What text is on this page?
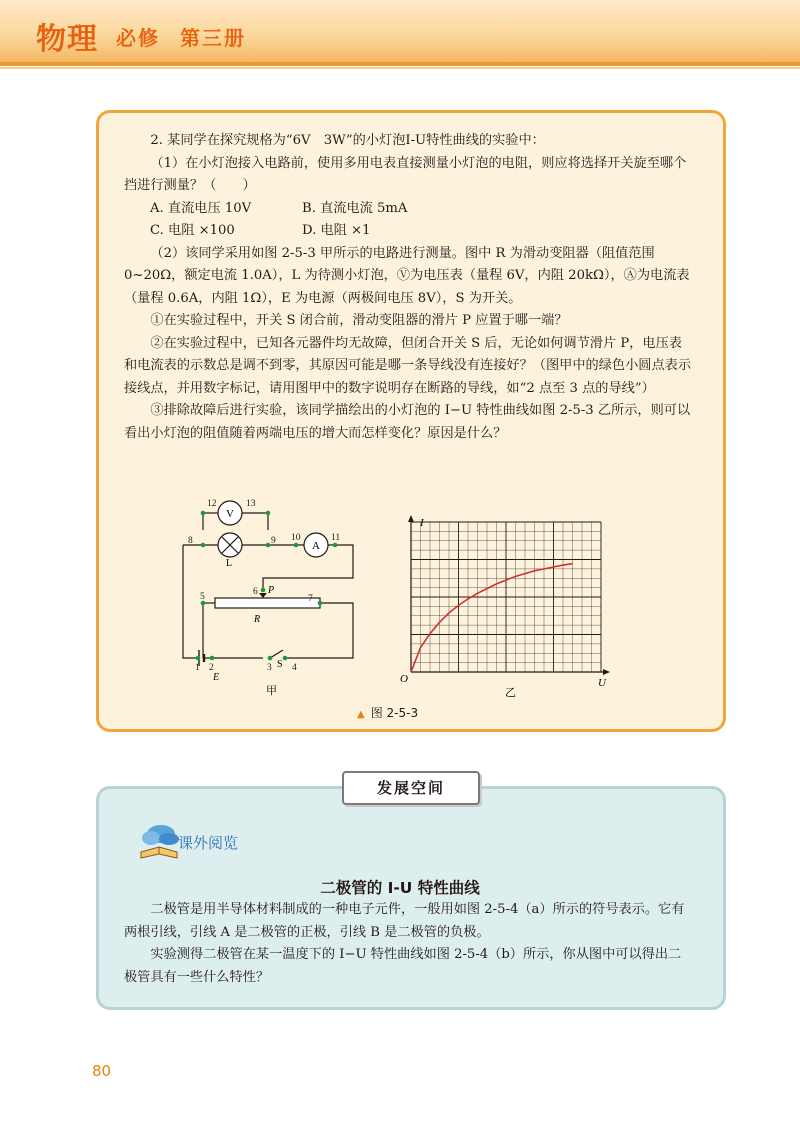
物理 必修 第三册

2. 某同学在探究规格为“6V　3W”的小灯泡I-U特性曲线的实验中：

（1）在小灯泡接入电路前，使用多用电表直接测量小灯泡的电阻，则应将选择开关旋至哪个挡进行测量？（　　）

A. 直流电压 10V	B. 直流电流 5mA
C. 电阻 ×100	D. 电阻 ×1

（2）该同学采用如图 2-5-3 甲所示的电路进行测量。图中 R 为滑动变阻器（阻值范围 0~20Ω，额定电流 1.0A），L 为待测小灯泡，Ⓥ为电压表（量程 6V，内阻 20kΩ），Ⓐ为电流表（量程 0.6A，内阻 1Ω），E 为电源（两极间电压 8V），S 为开关。

①在实验过程中，开关 S 闭合前，滑动变阻器的滑片 P 应置于哪一端？

②在实验过程中，已知各元器件均无故障，但闭合开关 S 后，无论如何调节滑片 P，电压表和电流表的示数总是调不到零，其原因可能是哪一条导线没有连接好？（图甲中的绿色小圆点表示接线点，并用数字标记，请用图甲中的数字说明存在断路的导线，如“2 点至 3 点的导线”）

③排除故障后进行实验，该同学描绘出的小灯泡的 I−U 特性曲线如图 2-5-3 乙所示，则可以看出小灯泡的阻值随着两端电压的增大而怎样变化？原因是什么？

V
A
12	13
8	9 10	11
5	6
7
1 2	3 4
L
P
R
S
E
甲
I
U
O
乙
▲ 图 2-5-3
发展空间
课外阅览
二极管的 I-U 特性曲线

二极管是用半导体材料制成的一种电子元件，一般用如图 2-5-4（a）所示的符号表示。它有两根引线，引线 A 是二极管的正极，引线 B 是二极管的负极。

实验测得二极管在某一温度下的 I−U 特性曲线如图 2-5-4（b）所示，你从图中可以得出二极管具有一些什么特性？

80
